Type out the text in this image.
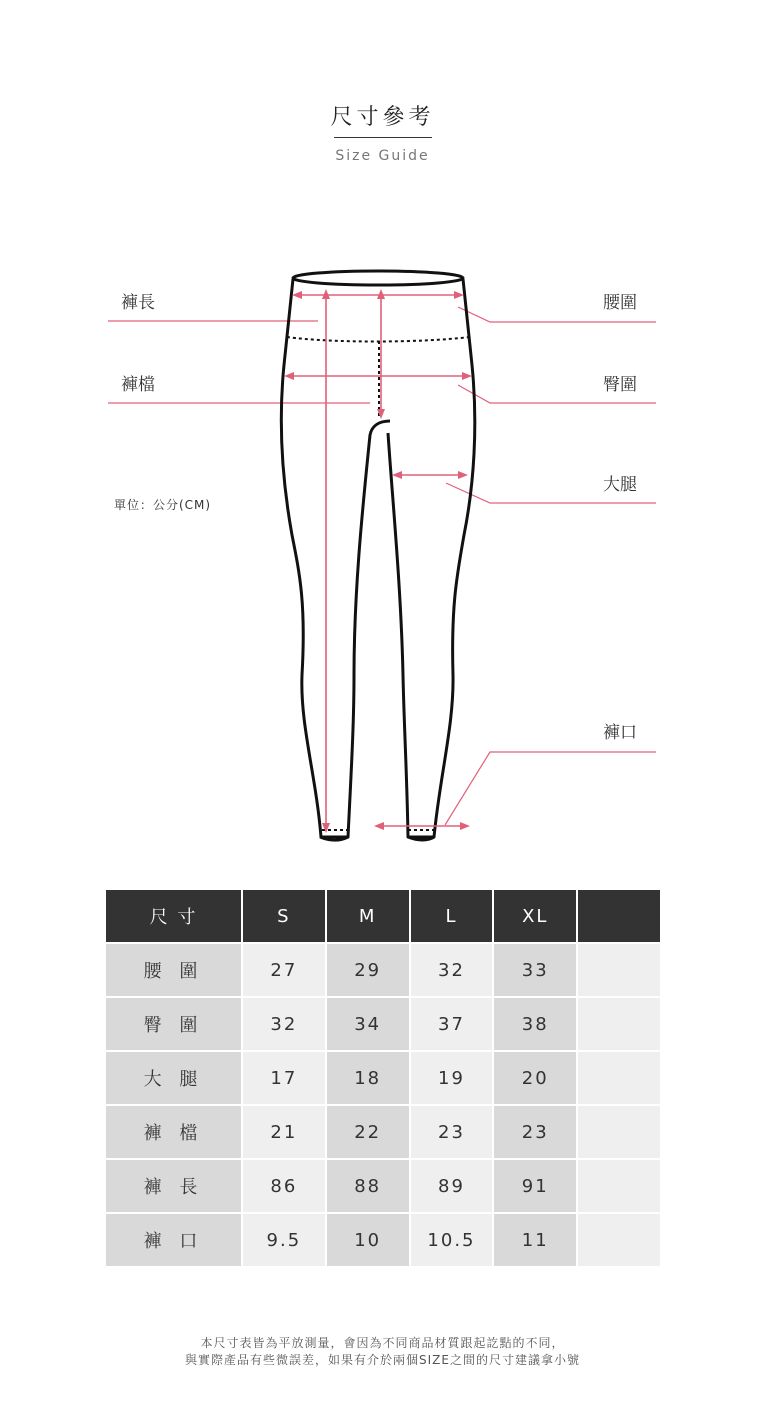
尺寸參考
Size Guide
褲長
褲檔
單位：公分(CM)
腰圍
臀圍
大腿
褲口
尺 寸	S	M	L	XL	
腰 圍	27	29	32	33	
臀 圍	32	34	37	38	
大 腿	17	18	19	20	
褲 檔	21	22	23	23	
褲 長	86	88	89	91	
褲 口	9.5	10	10.5	11	
本尺寸表皆為平放測量，會因為不同商品材質跟起訖點的不同，
與實際產品有些微誤差，如果有介於兩個SIZE之間的尺寸建議拿小號
